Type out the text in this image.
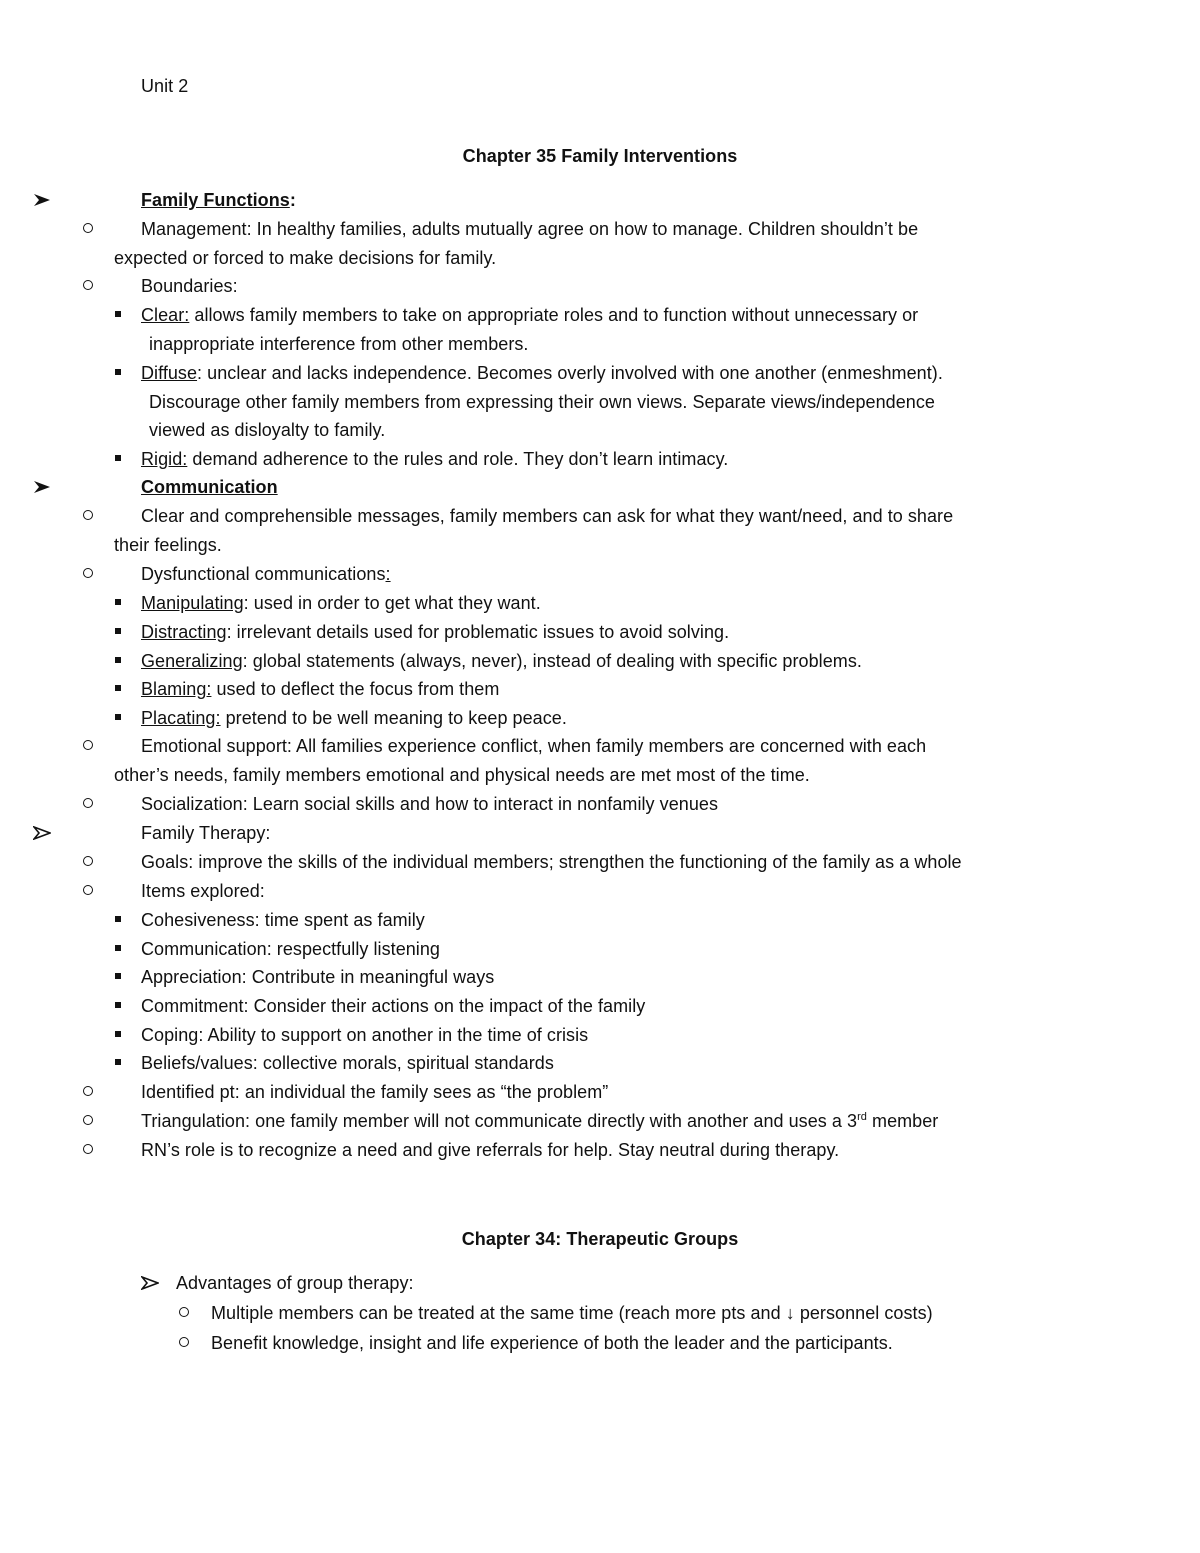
Unit 2
Chapter 35 Family Interventions
Family Functions:
Management: In healthy families, adults mutually agree on how to manage. Children shouldn’t be
expected or forced to make decisions for family.
Boundaries:
Clear: allows family members to take on appropriate roles and to function without unnecessary or
inappropriate interference from other members.
Diffuse: unclear and lacks independence. Becomes overly involved with one another (enmeshment).
Discourage other family members from expressing their own views. Separate views/independence
viewed as disloyalty to family.
Rigid: demand adherence to the rules and role. They don’t learn intimacy.
Communication
Clear and comprehensible messages, family members can ask for what they want/need, and to share
their feelings.
Dysfunctional communications:
Manipulating: used in order to get what they want.
Distracting: irrelevant details used for problematic issues to avoid solving.
Generalizing: global statements (always, never), instead of dealing with specific problems.
Blaming: used to deflect the focus from them
Placating: pretend to be well meaning to keep peace.
Emotional support: All families experience conflict, when family members are concerned with each
other’s needs, family members emotional and physical needs are met most of the time.
Socialization: Learn social skills and how to interact in nonfamily venues
Family Therapy:
Goals: improve the skills of the individual members; strengthen the functioning of the family as a whole
Items explored:
Cohesiveness: time spent as family
Communication: respectfully listening
Appreciation: Contribute in meaningful ways
Commitment: Consider their actions on the impact of the family
Coping: Ability to support on another in the time of crisis
Beliefs/values: collective morals, spiritual standards
Identified pt: an individual the family sees as “the problem”
Triangulation: one family member will not communicate directly with another and uses a 3rd member
RN’s role is to recognize a need and give referrals for help. Stay neutral during therapy.
Chapter 34: Therapeutic Groups
Advantages of group therapy:
Multiple members can be treated at the same time (reach more pts and ↓ personnel costs)
Benefit knowledge, insight and life experience of both the leader and the participants.
